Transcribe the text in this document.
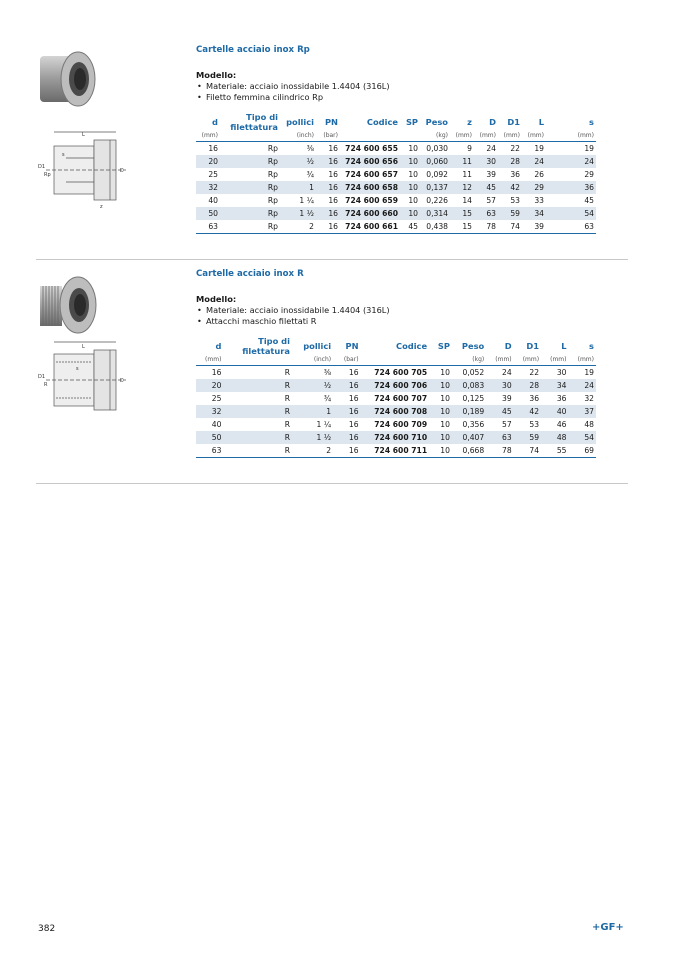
L
s
D1
Rp
D
z
Cartelle acciaio inox Rp
Modello:
• Materiale: acciaio inossidabile 1.4404 (316L)
• Filetto femmina cilindrico Rp
d	Tipo di filettatura	pollici	PN	Codice	SP	Peso	z	D	D1	L	s
(mm)		(inch)	(bar)			(kg)	(mm)	(mm)	(mm)	(mm)	(mm)
16	Rp	⅜	16	724 600 655	10	0,030	9	24	22	19	19
20	Rp	½	16	724 600 656	10	0,060	11	30	28	24	24
25	Rp	¾	16	724 600 657	10	0,092	11	39	36	26	29
32	Rp	1	16	724 600 658	10	0,137	12	45	42	29	36
40	Rp	1 ¼	16	724 600 659	10	0,226	14	57	53	33	45
50	Rp	1 ½	16	724 600 660	10	0,314	15	63	59	34	54
63	Rp	2	16	724 600 661	45	0,438	15	78	74	39	63
L
s
D1
R
D
Cartelle acciaio inox R
Modello:
• Materiale: acciaio inossidabile 1.4404 (316L)
• Attacchi maschio filettati R
d	Tipo di filettatura	pollici	PN	Codice	SP	Peso	D	D1	L	s
(mm)		(inch)	(bar)			(kg)	(mm)	(mm)	(mm)	(mm)
16	R	⅜	16	724 600 705	10	0,052	24	22	30	19
20	R	½	16	724 600 706	10	0,083	30	28	34	24
25	R	¾	16	724 600 707	10	0,125	39	36	36	32
32	R	1	16	724 600 708	10	0,189	45	42	40	37
40	R	1 ¼	16	724 600 709	10	0,356	57	53	46	48
50	R	1 ½	16	724 600 710	10	0,407	63	59	48	54
63	R	2	16	724 600 711	10	0,668	78	74	55	69
382	+GF+
